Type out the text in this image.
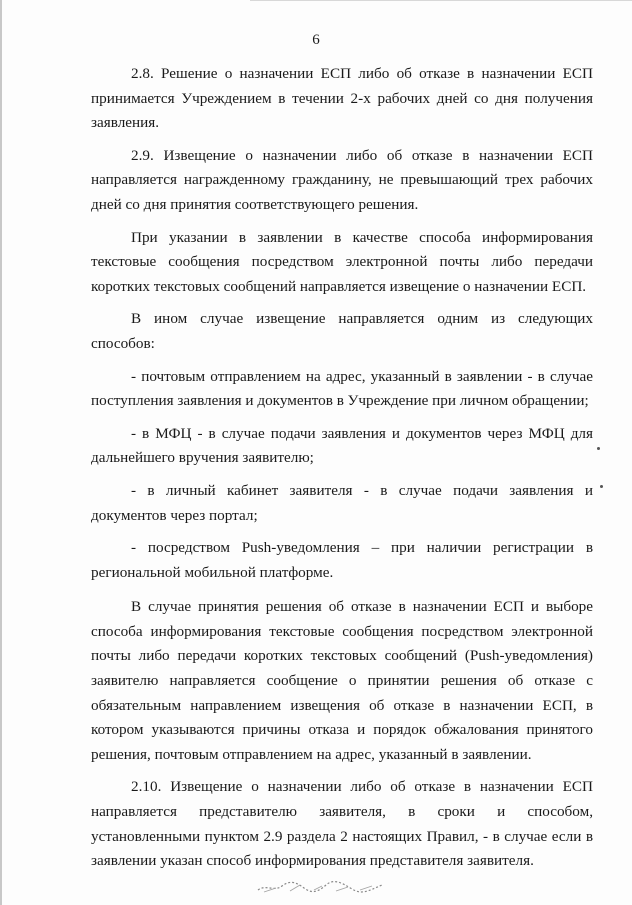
6

2.8. Решение о назначении ЕСП либо об отказе в назначении ЕСП принимается Учреждением в течении 2-х рабочих дней со дня получения заявления.

2.9. Извещение о назначении либо об отказе в назначении ЕСП направляется награжденному гражданину, не превышающий трех рабочих дней со дня принятия соответствующего решения.

При указании в заявлении в качестве способа информирования текстовые сообщения посредством электронной почты либо передачи коротких текстовых сообщений направляется извещение о назначении ЕСП.

В ином случае извещение направляется одним из следующих способов:

- почтовым отправлением на адрес, указанный в заявлении - в случае поступления заявления и документов в Учреждение при личном обращении;

- в МФЦ - в случае подачи заявления и документов через МФЦ для дальнейшего вручения заявителю;

- в личный кабинет заявителя - в случае подачи заявления и документов через портал;

- посредством Push-уведомления – при наличии регистрации в региональной мобильной платформе.

В случае принятия решения об отказе в назначении ЕСП и выборе способа информирования текстовые сообщения посредством электронной почты либо передачи коротких текстовых сообщений (Push-уведомления) заявителю направляется сообщение о принятии решения об отказе с обязательным направлением извещения об отказе в назначении ЕСП, в котором указываются причины отказа и порядок обжалования принятого решения, почтовым отправлением на адрес, указанный в заявлении.

2.10. Извещение о назначении либо об отказе в назначении ЕСП направляется представителю заявителя, в сроки и способом, установленными пунктом 2.9 раздела 2 настоящих Правил, - в случае если в заявлении указан способ информирования представителя заявителя.
